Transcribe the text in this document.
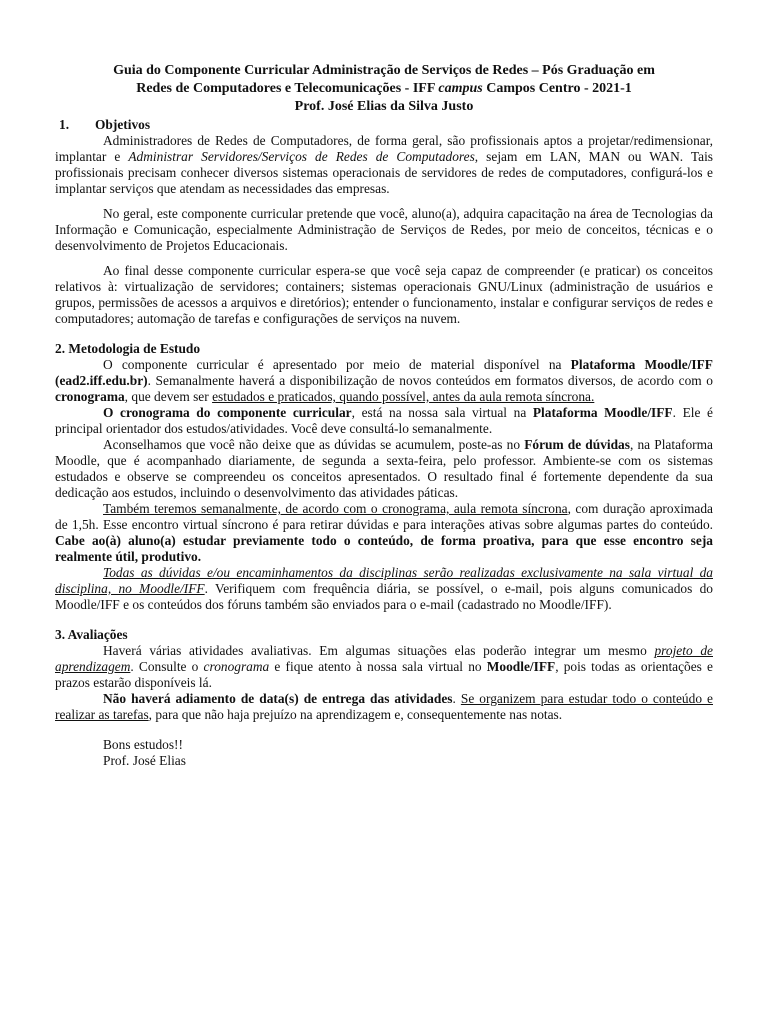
Guia do Componente Curricular Administração de Serviços de Redes – Pós Graduação em
Redes de Computadores e Telecomunicações - IFF campus Campos Centro - 2021-1
Prof. José Elias da Silva Justo
1.	Objetivos

Administradores de Redes de Computadores, de forma geral, são profissionais aptos a projetar/redimensionar, implantar e Administrar Servidores/Serviços de Redes de Computadores, sejam em LAN, MAN ou WAN. Tais profissionais precisam conhecer diversos sistemas operacionais de servidores de redes de computadores, configurá-los e implantar serviços que atendam as necessidades das empresas.

No geral, este componente curricular pretende que você, aluno(a), adquira capacitação na área de Tecnologias da Informação e Comunicação, especialmente Administração de Serviços de Redes, por meio de conceitos, técnicas e o desenvolvimento de Projetos Educacionais.

Ao final desse componente curricular espera-se que você seja capaz de compreender (e praticar) os conceitos relativos à: virtualização de servidores; containers; sistemas operacionais GNU/Linux (administração de usuários e grupos, permissões de acessos a arquivos e diretórios); entender o funcionamento, instalar e configurar serviços de redes e computadores; automação de tarefas e configurações de serviços na nuvem.

2. Metodologia de Estudo

O componente curricular é apresentado por meio de material disponível na Plataforma Moodle/IFF (ead2.iff.edu.br). Semanalmente haverá a disponibilização de novos conteúdos em formatos diversos, de acordo com o cronograma, que devem ser estudados e praticados, quando possível, antes da aula remota síncrona.

O cronograma do componente curricular, está na nossa sala virtual na Plataforma Moodle/IFF. Ele é principal orientador dos estudos/atividades. Você deve consultá-lo semanalmente.

Aconselhamos que você não deixe que as dúvidas se acumulem, poste-as no Fórum de dúvidas, na Plataforma Moodle, que é acompanhado diariamente, de segunda a sexta-feira, pelo professor. Ambiente-se com os sistemas estudados e observe se compreendeu os conceitos apresentados. O resultado final é fortemente dependente da sua dedicação aos estudos, incluindo o desenvolvimento das atividades páticas.

Também teremos semanalmente, de acordo com o cronograma, aula remota síncrona, com duração aproximada de 1,5h. Esse encontro virtual síncrono é para retirar dúvidas e para interações ativas sobre algumas partes do conteúdo. Cabe ao(à) aluno(a) estudar previamente todo o conteúdo, de forma proativa, para que esse encontro seja realmente útil, produtivo.

Todas as dúvidas e/ou encaminhamentos da disciplinas serão realizadas exclusivamente na sala virtual da disciplina, no Moodle/IFF. Verifiquem com frequência diária, se possível, o e-mail, pois alguns comunicados do Moodle/IFF e os conteúdos dos fóruns também são enviados para o e-mail (cadastrado no Moodle/IFF).

3. Avaliações

Haverá várias atividades avaliativas. Em algumas situações elas poderão integrar um mesmo projeto de aprendizagem. Consulte o cronograma e fique atento à nossa sala virtual no Moodle/IFF, pois todas as orientações e prazos estarão disponíveis lá.

Não haverá adiamento de data(s) de entrega das atividades. Se organizem para estudar todo o conteúdo e realizar as tarefas, para que não haja prejuízo na aprendizagem e, consequentemente nas notas.

Bons estudos!!
Prof. José Elias
